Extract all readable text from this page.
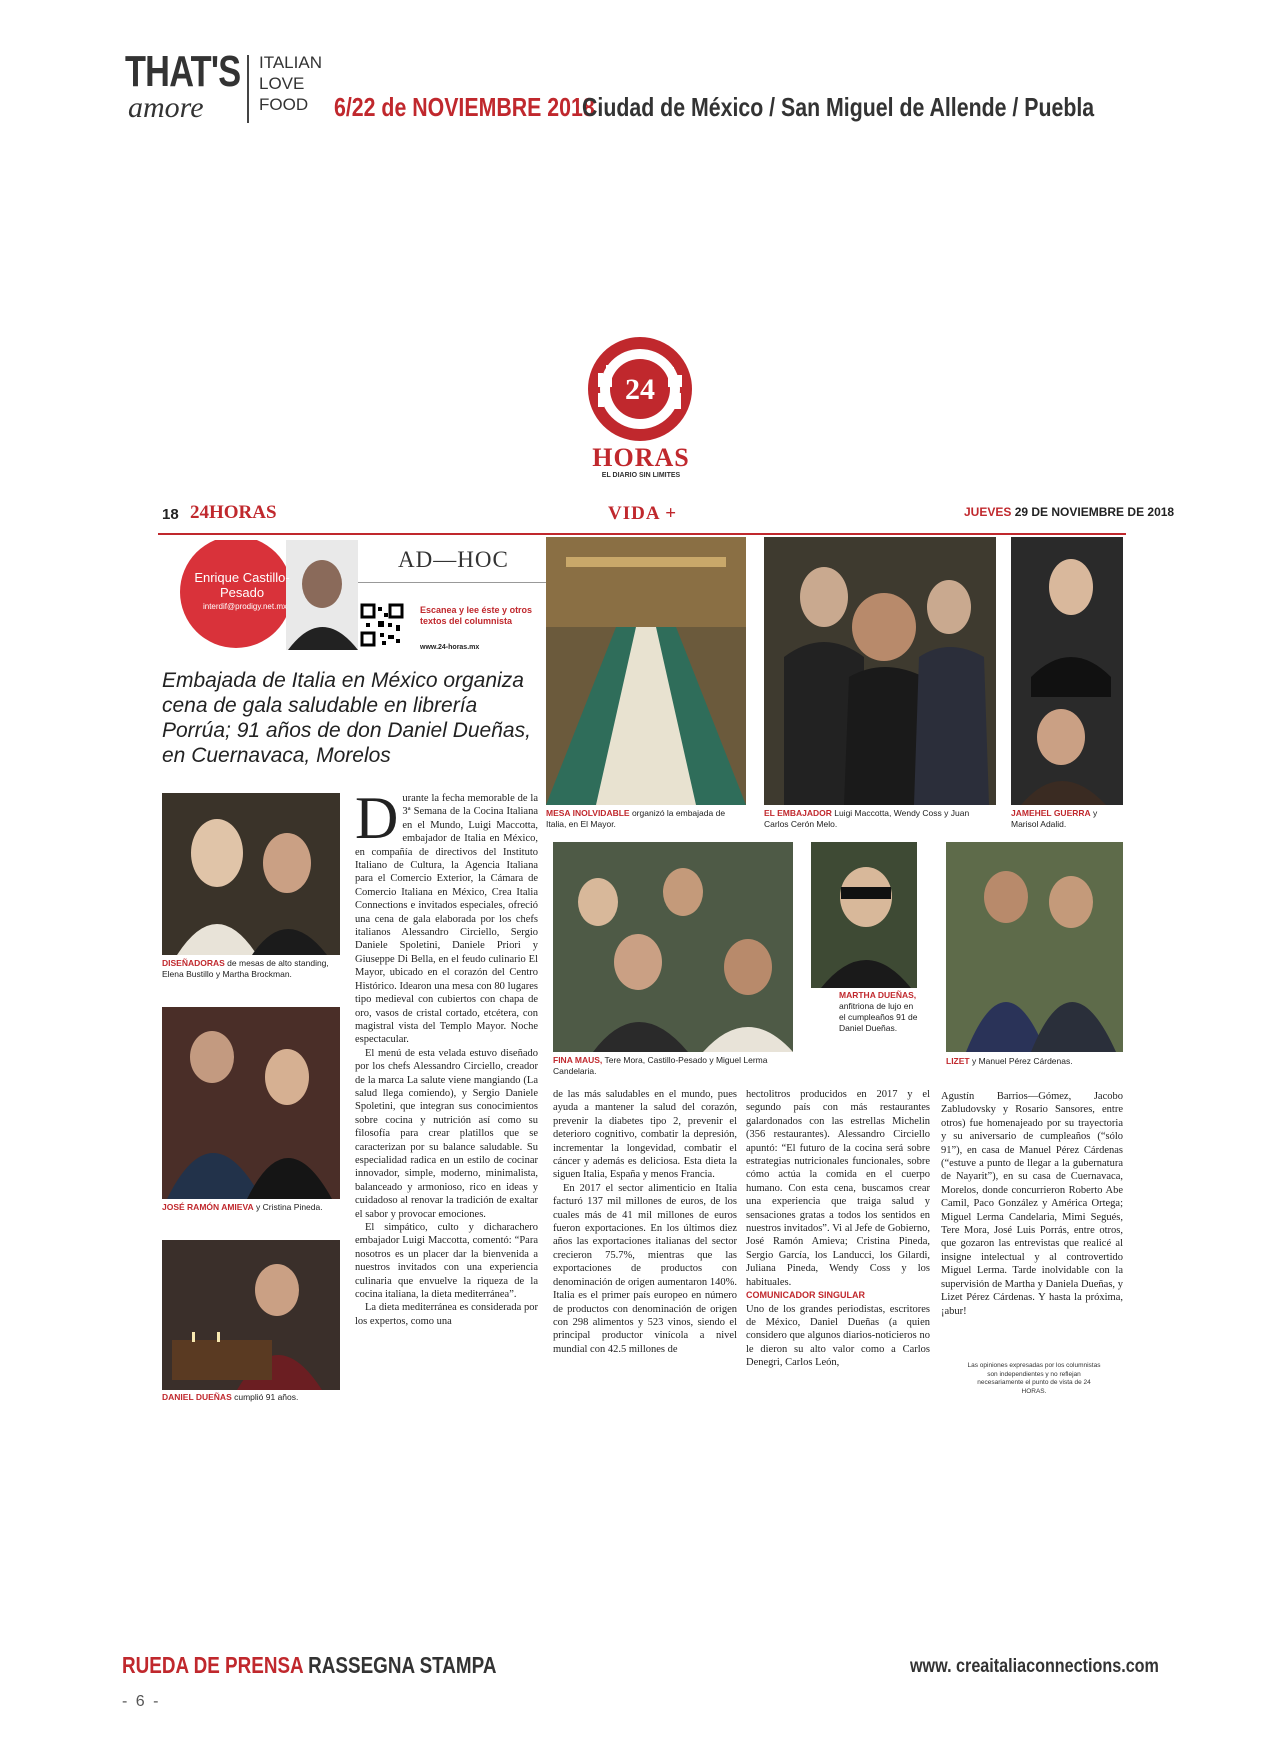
THAT'S
amore
ITALIAN
LOVE
FOOD 6/22 de NOVIEMBRE 2018
Ciudad de México / San Miguel de Allende / Puebla
24
HORAS
EL DIARIO SIN LIMITES
18 24HORAS	VIDA +	JUEVES 29 DE NOVIEMBRE DE 2018
Enrique Castillo-Pesado
interdif@prodigy.net.mx
AD—HOC
Escanea y lee éste y otros textos del columnista
www.24-horas.mx
Embajada de Italia en México organiza cena de gala saludable en librería Porrúa; 91 años de don Daniel Dueñas, en Cuernavaca, Morelos
MESA INOLVIDABLE organizó la embajada de Italia, en El Mayor.
EL EMBAJADOR Luigi Maccotta, Wendy Coss y Juan Carlos Cerón Melo.
JAMEHEL GUERRA y Marisol Adalid.
DISEÑADORAS de mesas de alto standing, Elena Bustillo y Martha Brockman.
JOSÉ RAMÓN AMIEVA y Cristina Pineda.
DANIEL DUEÑAS cumplió 91 años.
FINA MAUS, Tere Mora, Castillo-Pesado y Miguel Lerma Candelaria.
MARTHA DUEÑAS, anfitriona de lujo en el cumpleaños 91 de Daniel Dueñas.
LIZET y Manuel Pérez Cárdenas.
Durante la fecha memorable de la 3ª Semana de la Cocina Italiana en el Mundo, Luigi Maccotta, embajador de Italia en México, en compañía de directivos del Instituto Italiano de Cultura, la Agencia Italiana para el Comercio Exterior, la Cámara de Comercio Italiana en México, Crea Italia Connections e invitados especiales, ofreció una cena de gala elaborada por los chefs italianos Alessandro Circiello, Sergio Daniele Spoletini, Daniele Priori y Giuseppe Di Bella, en el feudo culinario El Mayor, ubicado en el corazón del Centro Histórico. Idearon una mesa con 80 lugares tipo medieval con cubiertos con chapa de oro, vasos de cristal cortado, etcétera, con magistral vista del Templo Mayor. Noche espectacular.
El menú de esta velada estuvo diseñado por los chefs Alessandro Circiello, creador de la marca La salute viene mangiando (La salud llega comiendo), y Sergio Daniele Spoletini, que integran sus conocimientos sobre cocina y nutrición así como su filosofía para crear platillos que se caracterizan por su balance saludable. Su especialidad radica en un estilo de cocinar innovador, simple, moderno, minimalista, balanceado y armonioso, rico en ideas y cuidadoso al renovar la tradición de exaltar el sabor y provocar emociones.
El simpático, culto y dicharachero embajador Luigi Maccotta, comentó: “Para nosotros es un placer dar la bienvenida a nuestros invitados con una experiencia culinaria que envuelve la riqueza de la cocina italiana, la dieta mediterránea”.
La dieta mediterránea es considerada por los expertos, como una
de las más saludables en el mundo, pues ayuda a mantener la salud del corazón, prevenir la diabetes tipo 2, prevenir el deterioro cognitivo, combatir la depresión, incrementar la longevidad, combatir el cáncer y además es deliciosa. Esta dieta la siguen Italia, España y menos Francia.
En 2017 el sector alimenticio en Italia facturó 137 mil millones de euros, de los cuales más de 41 mil millones de euros fueron exportaciones. En los últimos diez años las exportaciones italianas del sector crecieron 75.7%, mientras que las exportaciones de productos con denominación de origen aumentaron 140%. Italia es el primer país europeo en número de productos con denominación de origen con 298 alimentos y 523 vinos, siendo el principal productor vinícola a nivel mundial con 42.5 millones de
hectolitros producidos en 2017 y el segundo país con más restaurantes galardonados con las estrellas Michelin (356 restaurantes). Alessandro Circiello apuntó: “El futuro de la cocina será sobre estrategias nutricionales funcionales, sobre cómo actúa la comida en el cuerpo humano. Con esta cena, buscamos crear una experiencia que traiga salud y sensaciones gratas a todos los sentidos en nuestros invitados”. Vi al Jefe de Gobierno, José Ramón Amieva; Cristina Pineda, Sergio García, los Landucci, los Gilardi, Juliana Pineda, Wendy Coss y los habituales.
COMUNICADOR SINGULAR
Uno de los grandes periodistas, escritores de México, Daniel Dueñas (a quien considero que algunos diarios-noticieros no le dieron su alto valor como a Carlos Denegri, Carlos León,
Agustín Barrios—Gómez, Jacobo Zabludovsky y Rosario Sansores, entre otros) fue homenajeado por su trayectoria y su aniversario de cumpleaños (“sólo 91”), en casa de Manuel Pérez Cárdenas (“estuve a punto de llegar a la gubernatura de Nayarit”), en su casa de Cuernavaca, Morelos, donde concurrieron Roberto Abe Camil, Paco González y América Ortega; Miguel Lerma Candelaria, Mimi Segués, Tere Mora, José Luis Porrás, entre otros, que gozaron las entrevistas que realicé al insigne intelectual y al controvertido Miguel Lerma. Tarde inolvidable con la supervisión de Martha y Daniela Dueñas, y Lizet Pérez Cárdenas. Y hasta la próxima, ¡abur!
Las opiniones expresadas por los columnistas son independientes y no reflejan necesariamente el punto de vista de 24 HORAS.
RUEDA DE PRENSA RASSEGNA STAMPA
- 6 -
www. creaitaliaconnections.com
